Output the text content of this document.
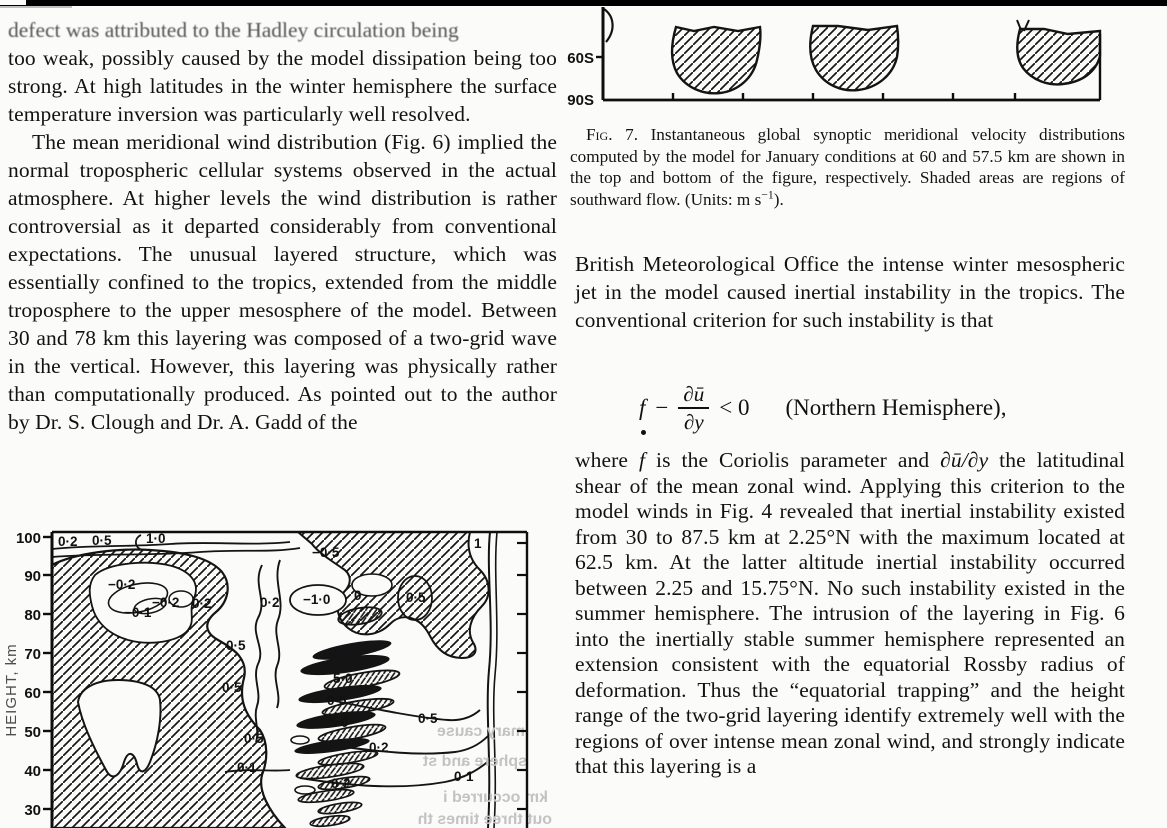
defect was attributed to the Hadley circulation being

too weak, possibly caused by the model dissipation being too strong. At high latitudes in the winter hemisphere the surface temperature inversion was particularly well resolved.

The mean meridional wind distribution (Fig. 6) implied the normal tropospheric cellular systems observed in the actual atmosphere. At higher levels the wind distribution is rather controversial as it departed considerably from conventional expectations. The unusual layered structure, which was essentially confined to the tropics, extended from the middle troposphere to the upper mesosphere of the model. Between 30 and 78 km this layering was composed of a two-grid wave in the vertical. However, this layering was physically rather than computationally produced. As pointed out to the author by Dr. S. Clough and Dr. A. Gadd of the

mary cause
sphere and st
km occurred i
out three times th
100
90
80
70
60
50
40
30
HEIGHT, km
0·2 0·5	1·0
−0·5
−0·2
−0·2
−0·1
0·2	0·2 −1·0 0	0·5
0·5
0·5
5·0
0·5
5·0	0·5
0·5
0·2
0·1
0·1
0·2
1
60S
90S

Fig. 7. Instantaneous global synoptic meridional velocity distributions computed by the model for January conditions at 60 and 57.5 km are shown in the top and bottom of the figure, respectively. Shaded areas are regions of southward flow. (Units: m $s^{-1}$).

British Meteorological Office the intense winter mesospheric jet in the model caused inertial instability in the tropics. The conventional criterion for such instability is that

$f - \frac{\partial ū}{\partial y} < 0$ (Northern Hemisphere),

where f is the Coriolis parameter and ∂ū/∂y the latitudinal shear of the mean zonal wind. Applying this criterion to the model winds in Fig. 4 revealed that inertial instability existed from 30 to 87.5 km at 2.25°N with the maximum located at 62.5 km. At the latter altitude inertial instability occurred between 2.25 and 15.75°N. No such instability existed in the summer hemisphere. The intrusion of the layering in Fig. 6 into the inertially stable summer hemisphere represented an extension consistent with the equatorial Rossby radius of deformation. Thus the “equatorial trapping” and the height range of the two-grid layering identify extremely well with the regions of over intense mean zonal wind, and strongly indicate that this layering is a
